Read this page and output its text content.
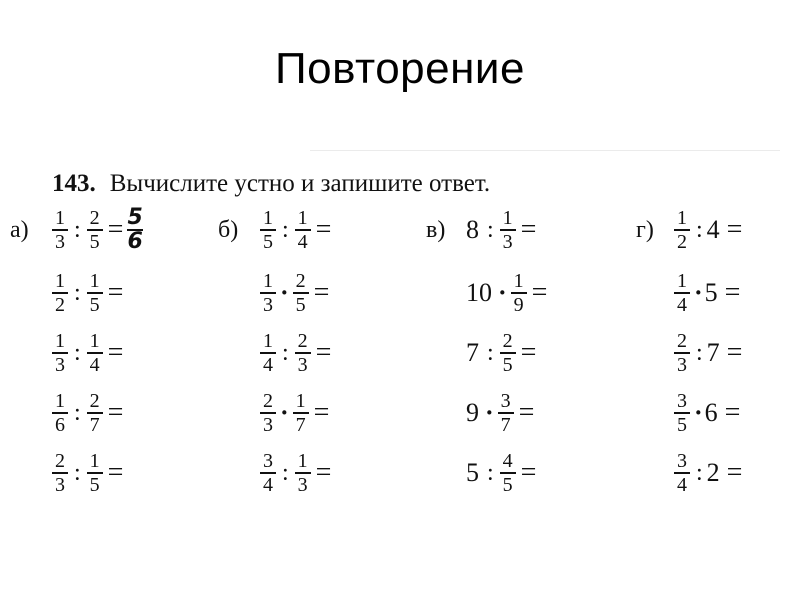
Повторение
143. Вычислите устно и запишите ответ.
$а) \frac{1}{3}$ : $\frac{2}{5} = \frac{5}{6}$
$\frac{1}{2}$ : $\frac{1}{5}$ =
$\frac{1}{3}$ : $\frac{1}{4}$ =
$\frac{1}{6}$ : $\frac{2}{7}$ =
$\frac{2}{3}$ : $\frac{1}{5}$ =
$б) \frac{1}{5}$ : $\frac{1}{4}$ =
$\frac{1}{3} \cdot \frac{2}{5}$ =
$\frac{1}{4}$ : $\frac{2}{3}$ =
$\frac{2}{3} \cdot \frac{1}{7}$ =
$\frac{3}{4}$ : $\frac{1}{3}$ =
в) 8 : $\frac{1}{3}$ =
$10 \cdot \frac{1}{9}$ =
7 : $\frac{2}{5}$ =
$9 \cdot \frac{3}{7}$ =
5 : $\frac{4}{5}$ =
$г) \frac{1}{2}$ : 4 =
$\frac{1}{4} \cdot 5$ =
$\frac{2}{3}$ : 7 =
$\frac{3}{5} \cdot 6$ =
$\frac{3}{4}$ : 2 =
